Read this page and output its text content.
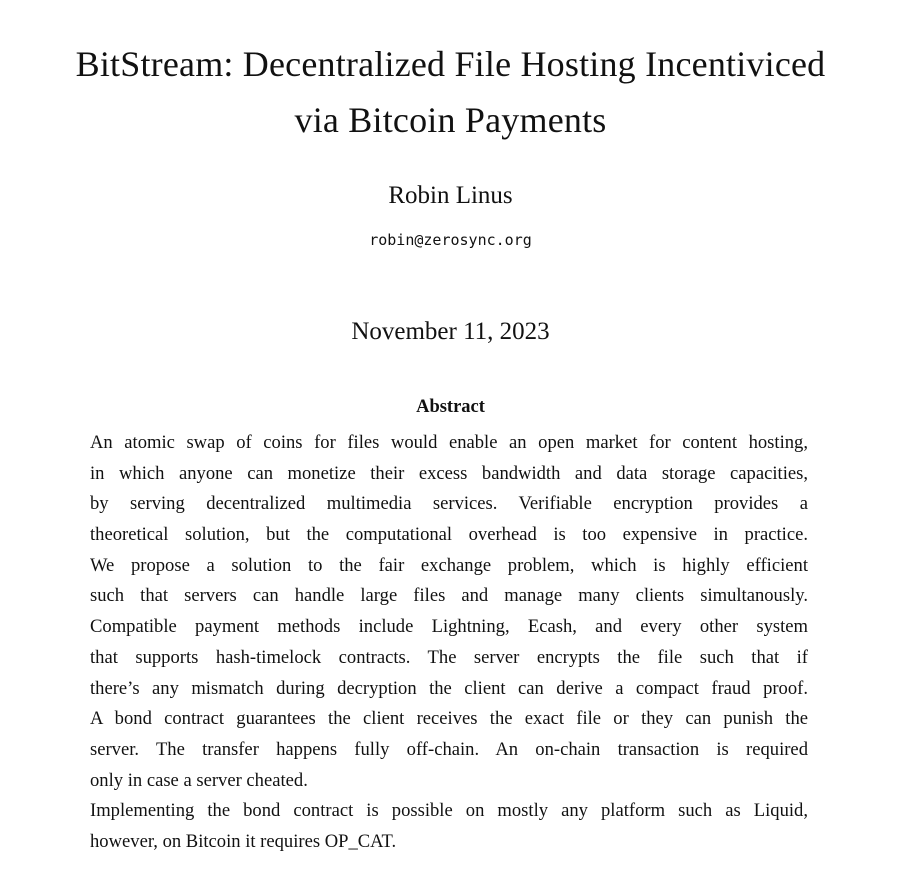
BitStream: Decentralized File Hosting Incentiviced
via Bitcoin Payments
Robin Linus
robin@zerosync.org
November 11, 2023
Abstract
An atomic swap of coins for files would enable an open market for content hosting,
in which anyone can monetize their excess bandwidth and data storage capacities,
by serving decentralized multimedia services. Verifiable encryption provides a
theoretical solution, but the computational overhead is too expensive in practice.
We propose a solution to the fair exchange problem, which is highly efficient
such that servers can handle large files and manage many clients simultanously.
Compatible payment methods include Lightning, Ecash, and every other system
that supports hash-timelock contracts. The server encrypts the file such that if
there’s any mismatch during decryption the client can derive a compact fraud proof.
A bond contract guarantees the client receives the exact file or they can punish the
server. The transfer happens fully off-chain. An on-chain transaction is required
only in case a server cheated.
Implementing the bond contract is possible on mostly any platform such as Liquid,
however, on Bitcoin it requires OP_CAT.
